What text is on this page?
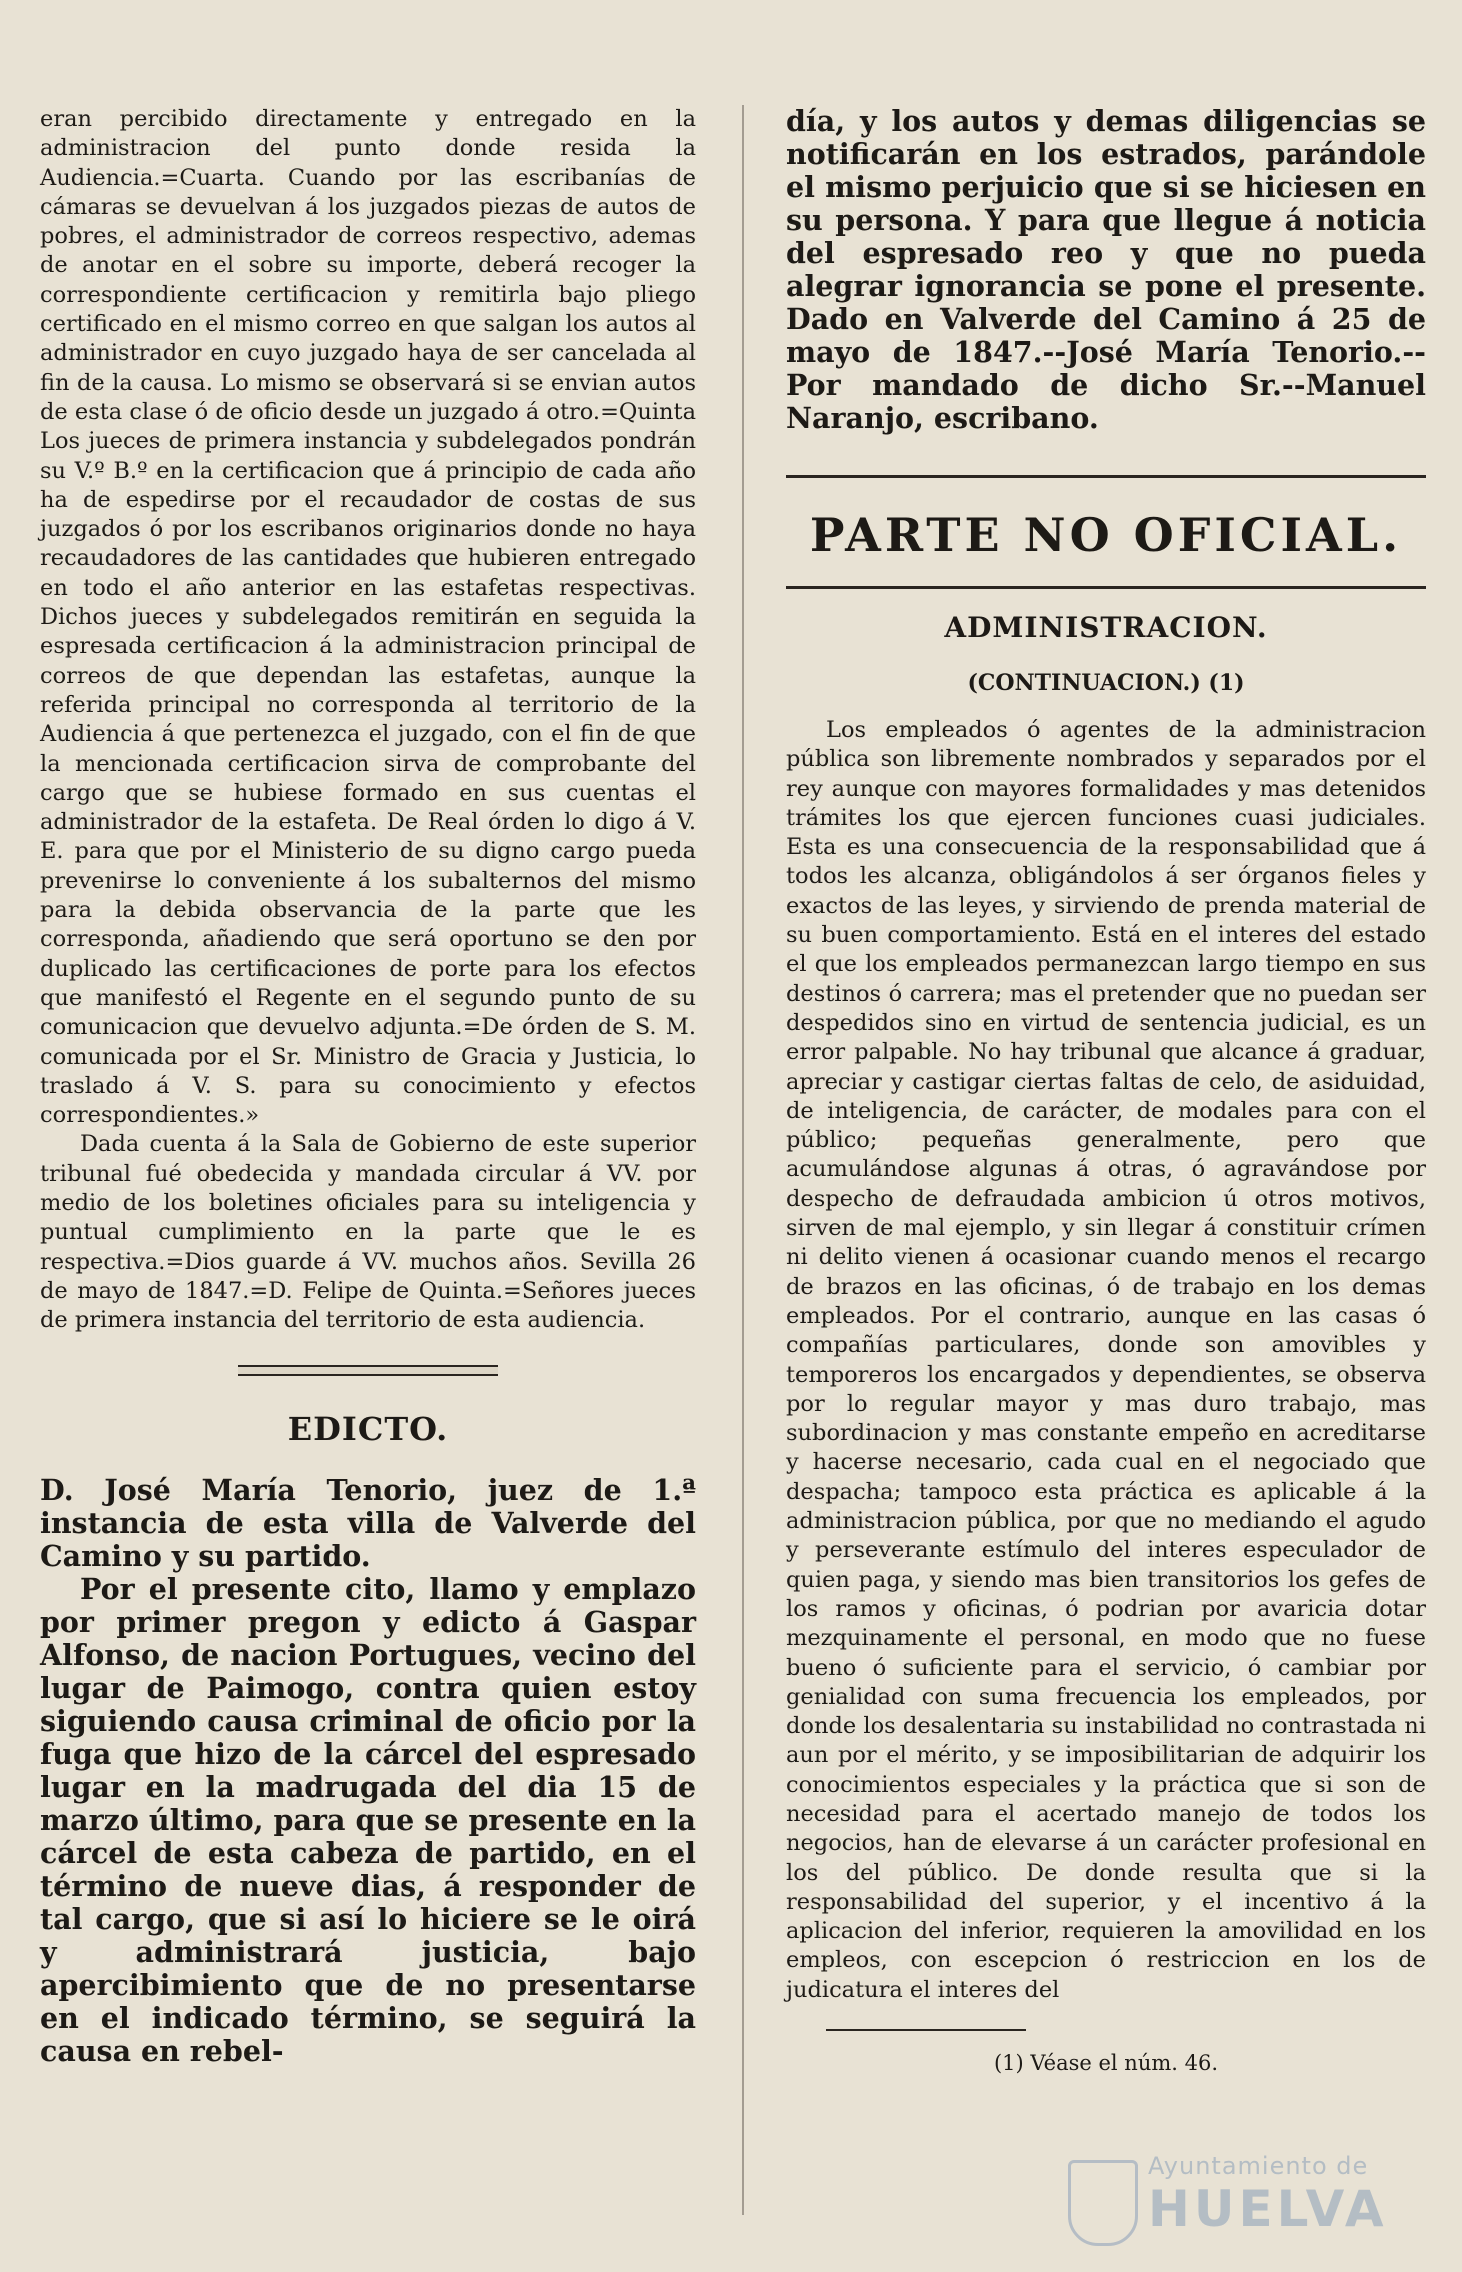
eran percibido directamente y entregado en la administracion del punto donde resida la Audiencia.=Cuarta. Cuando por las escribanías de cámaras se devuelvan á los juzgados piezas de autos de pobres, el administrador de correos respectivo, ademas de anotar en el sobre su importe, deberá recoger la correspondiente certificacion y remitirla bajo pliego certificado en el mismo correo en que salgan los autos al administrador en cuyo juzgado haya de ser cancelada al fin de la causa. Lo mismo se observará si se envian autos de esta clase ó de oficio desde un juzgado á otro.=Quinta Los jueces de primera instancia y subdelegados pondrán su V.º B.º en la certificacion que á principio de cada año ha de espedirse por el recaudador de costas de sus juzgados ó por los escribanos originarios donde no haya recaudadores de las cantidades que hubieren entregado en todo el año anterior en las estafetas respectivas. Dichos jueces y subdelegados remitirán en seguida la espresada certificacion á la administracion principal de correos de que dependan las estafetas, aunque la referida principal no corresponda al territorio de la Audiencia á que pertenezca el juzgado, con el fin de que la mencionada certificacion sirva de comprobante del cargo que se hubiese formado en sus cuentas el administrador de la estafeta. De Real órden lo digo á V. E. para que por el Ministerio de su digno cargo pueda prevenirse lo conveniente á los subalternos del mismo para la debida observancia de la parte que les corresponda, añadiendo que será oportuno se den por duplicado las certificaciones de porte para los efectos que manifestó el Regente en el segundo punto de su comunicacion que devuelvo adjunta.=De órden de S. M. comunicada por el Sr. Ministro de Gracia y Justicia, lo traslado á V. S. para su conocimiento y efectos correspondientes.»

Dada cuenta á la Sala de Gobierno de este superior tribunal fué obedecida y mandada circular á VV. por medio de los boletines oficiales para su inteligencia y puntual cumplimiento en la parte que le es respectiva.=Dios guarde á VV. muchos años. Sevilla 26 de mayo de 1847.=D. Felipe de Quinta.=Señores jueces de primera instancia del territorio de esta audiencia.

EDICTO.

D. José María Tenorio, juez de 1.ª instancia de esta villa de Valverde del Camino y su partido.

Por el presente cito, llamo y emplazo por primer pregon y edicto á Gaspar Alfonso, de nacion Portugues, vecino del lugar de Paimogo, contra quien estoy siguiendo causa criminal de oficio por la fuga que hizo de la cárcel del espresado lugar en la madrugada del dia 15 de marzo último, para que se presente en la cárcel de esta cabeza de partido, en el término de nueve dias, á responder de tal cargo, que si así lo hiciere se le oirá y administrará justicia, bajo apercibimiento que de no presentarse en el indicado término, se seguirá la causa en rebel-

día, y los autos y demas diligencias se notificarán en los estrados, parándole el mismo perjuicio que si se hiciesen en su persona. Y para que llegue á noticia del espresado reo y que no pueda alegrar ignorancia se pone el presente. Dado en Valverde del Camino á 25 de mayo de 1847.--José María Tenorio.--Por mandado de dicho Sr.--Manuel Naranjo, escribano.

PARTE NO OFICIAL.
ADMINISTRACION.
(CONTINUACION.) (1)

Los empleados ó agentes de la administracion pública son libremente nombrados y separados por el rey aunque con mayores formalidades y mas detenidos trámites los que ejercen funciones cuasi judiciales. Esta es una consecuencia de la responsabilidad que á todos les alcanza, obligándolos á ser órganos fieles y exactos de las leyes, y sirviendo de prenda material de su buen comportamiento. Está en el interes del estado el que los empleados permanezcan largo tiempo en sus destinos ó carrera; mas el pretender que no puedan ser despedidos sino en virtud de sentencia judicial, es un error palpable. No hay tribunal que alcance á graduar, apreciar y castigar ciertas faltas de celo, de asiduidad, de inteligencia, de carácter, de modales para con el público; pequeñas generalmente, pero que acumulándose algunas á otras, ó agravándose por despecho de defraudada ambicion ú otros motivos, sirven de mal ejemplo, y sin llegar á constituir crímen ni delito vienen á ocasionar cuando menos el recargo de brazos en las oficinas, ó de trabajo en los demas empleados. Por el contrario, aunque en las casas ó compañías particulares, donde son amovibles y temporeros los encargados y dependientes, se observa por lo regular mayor y mas duro trabajo, mas subordinacion y mas constante empeño en acreditarse y hacerse necesario, cada cual en el negociado que despacha; tampoco esta práctica es aplicable á la administracion pública, por que no mediando el agudo y perseverante estímulo del interes especulador de quien paga, y siendo mas bien transitorios los gefes de los ramos y oficinas, ó podrian por avaricia dotar mezquinamente el personal, en modo que no fuese bueno ó suficiente para el servicio, ó cambiar por genialidad con suma frecuencia los empleados, por donde los desalentaria su instabilidad no contrastada ni aun por el mérito, y se imposibilitarian de adquirir los conocimientos especiales y la práctica que si son de necesidad para el acertado manejo de todos los negocios, han de elevarse á un carácter profesional en los del público. De donde resulta que si la responsabilidad del superior, y el incentivo á la aplicacion del inferior, requieren la amovilidad en los empleos, con escepcion ó restriccion en los de judicatura el interes del

(1) Véase el núm. 46.
Ayuntamiento de
HUELVA
